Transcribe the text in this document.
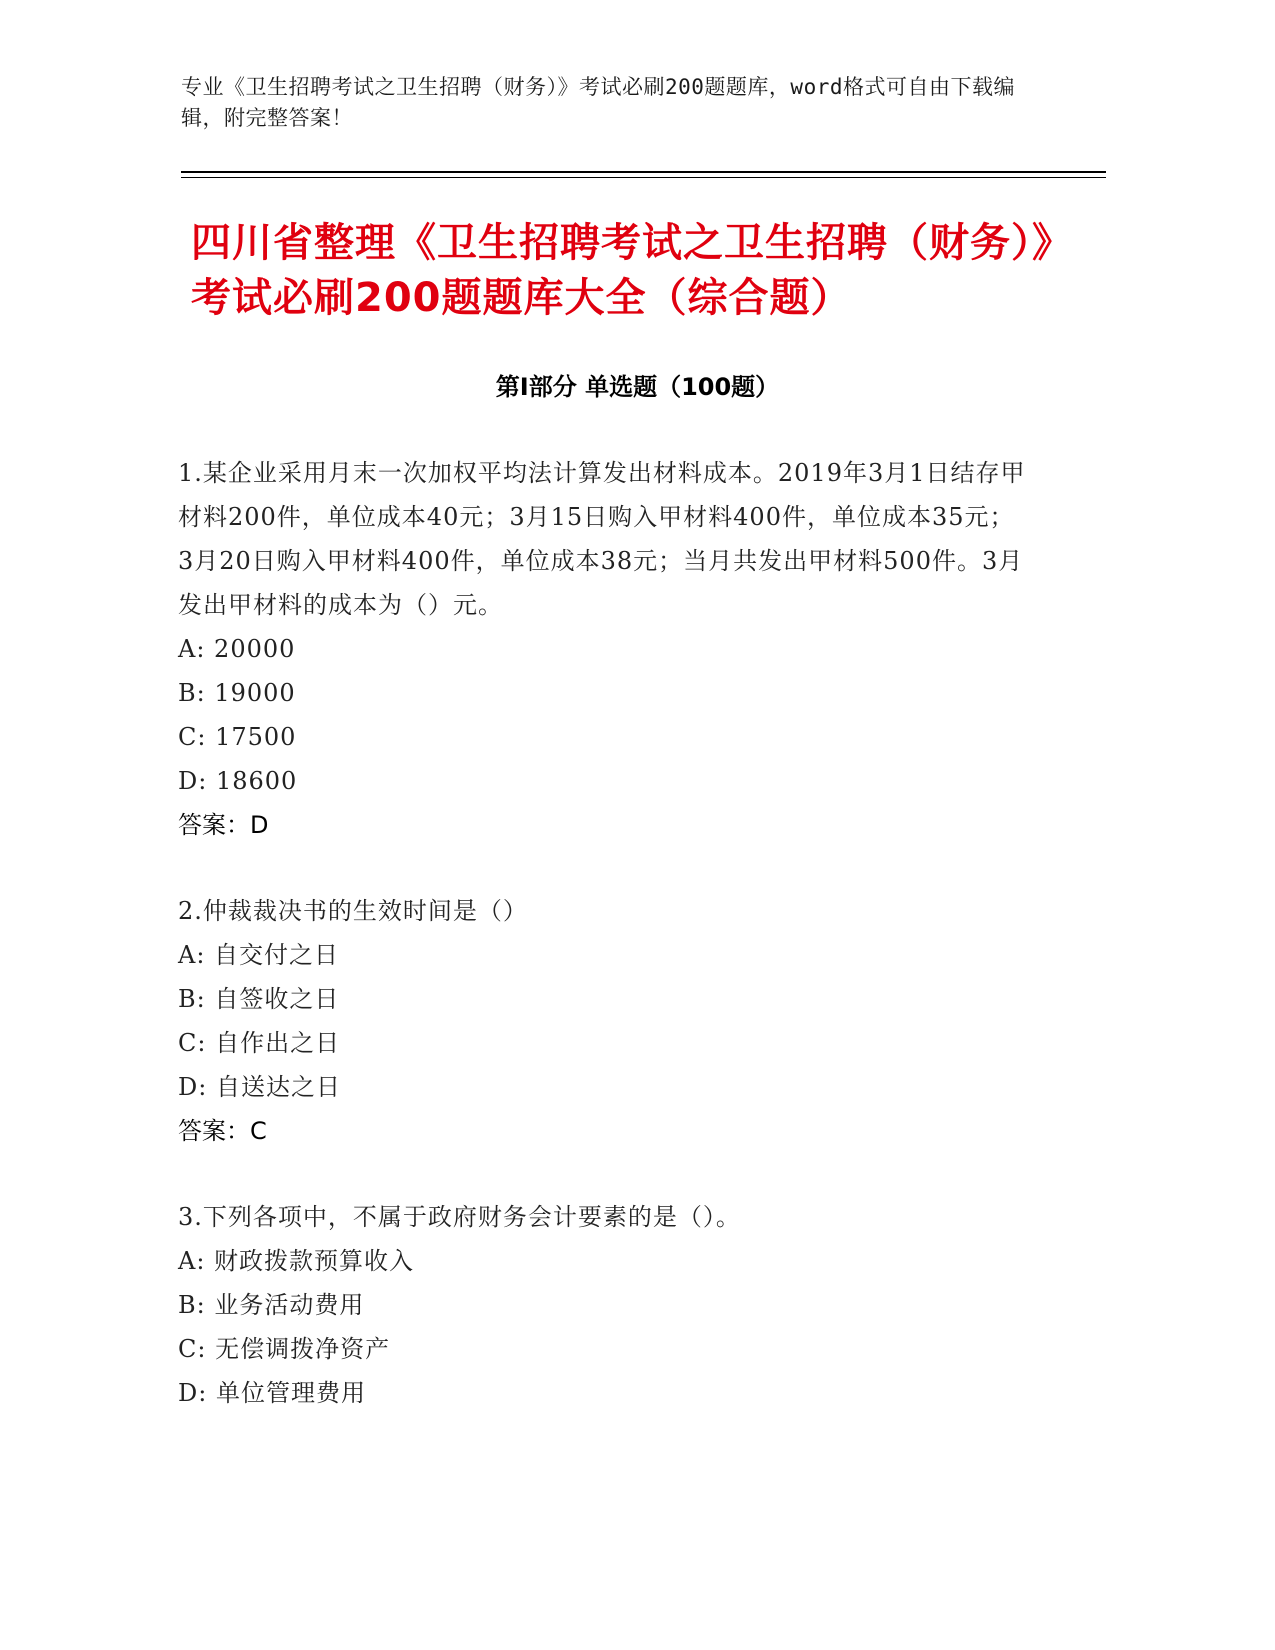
专业《卫生招聘考试之卫生招聘（财务）》考试必刷200题题库，word格式可自由下载编辑，附完整答案！
四川省整理《卫生招聘考试之卫生招聘（财务）》考试必刷200题题库大全（综合题）
第I部分 单选题（100题）
1.某企业采用月末一次加权平均法计算发出材料成本。2019年3月1日结存甲材料200件，单位成本40元；3月15日购入甲材料400件，单位成本35元；3月20日购入甲材料400件，单位成本38元；当月共发出甲材料500件。3月发出甲材料的成本为（）元。
A: 20000
B: 19000
C: 17500
D: 18600
答案：D
2.仲裁裁决书的生效时间是（）
A: 自交付之日
B: 自签收之日
C: 自作出之日
D: 自送达之日
答案：C
3.下列各项中，不属于政府财务会计要素的是（）。
A: 财政拨款预算收入
B: 业务活动费用
C: 无偿调拨净资产
D: 单位管理费用
